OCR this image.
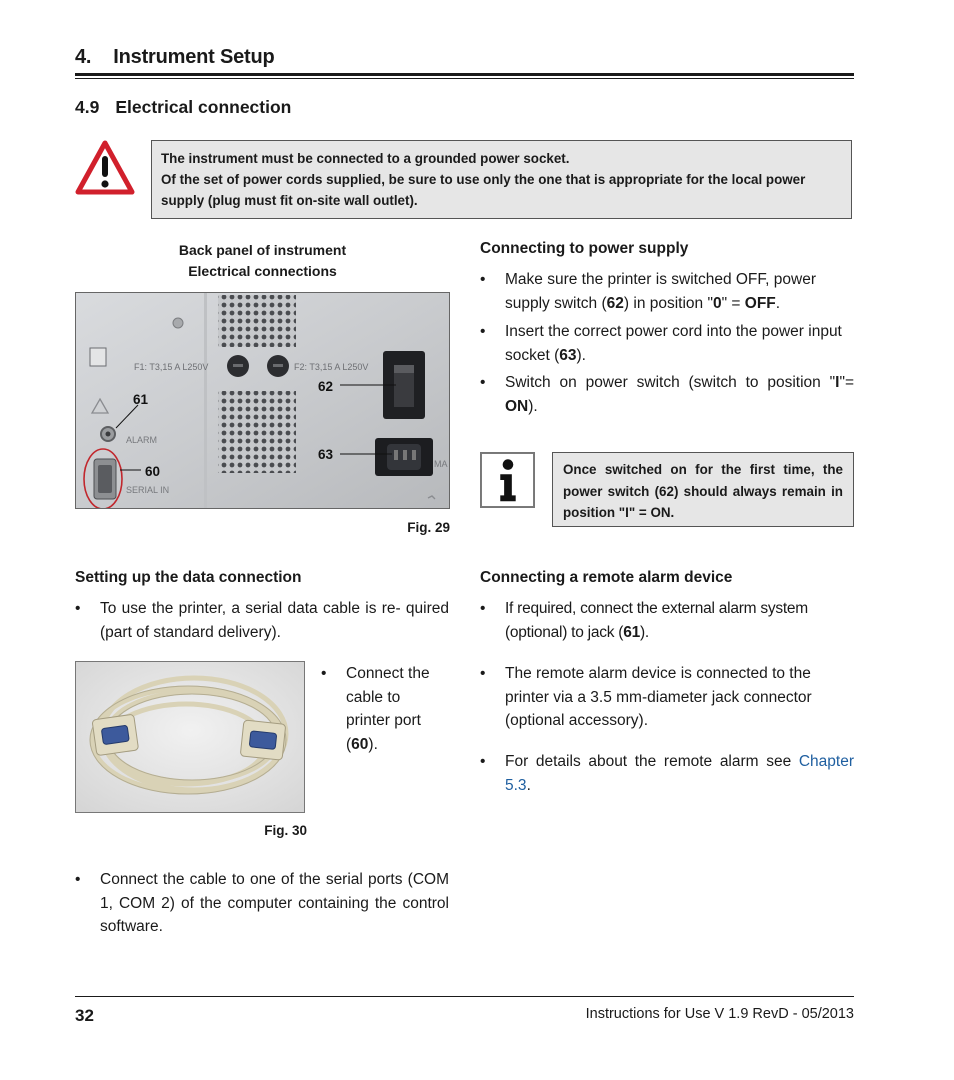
4. Instrument Setup
4.9 Electrical connection
The instrument must be connected to a grounded power socket.
Of the set of power cords supplied, be sure to use only the one that is appropriate for the local power supply (plug must fit on-site wall outlet).
Back panel of instrument
Electrical connections
F1: T3,15 A L250V	F2: T3,15 A L250V
ALARM
SERIAL IN
MA
61
60
62
63
Fig. 29
Connecting to power supply
• Make sure the printer is switched OFF, power supply switch (62) in position "0" = OFF.
• Insert the correct power cord into the power input socket (63).
• Switch on power switch (switch to position "I"= ON).
Once switched on for the first time, the power switch (62) should always remain in position "I" = ON.
Setting up the data connection
• To use the printer, a serial data cable is re- quired (part of standard delivery).
Fig. 30
• Connect the cable to printer port (60).
• Connect the cable to one of the serial ports (COM 1, COM 2) of the computer containing the control software.
Connecting a remote alarm device
• If required, connect the external alarm system (optional) to jack (61).
• The remote alarm device is connected to the printer via a 3.5 mm-diameter jack connector (optional accessory).
• For details about the remote alarm see Chapter 5.3.
32	Instructions for Use V 1.9 RevD - 05/2013
